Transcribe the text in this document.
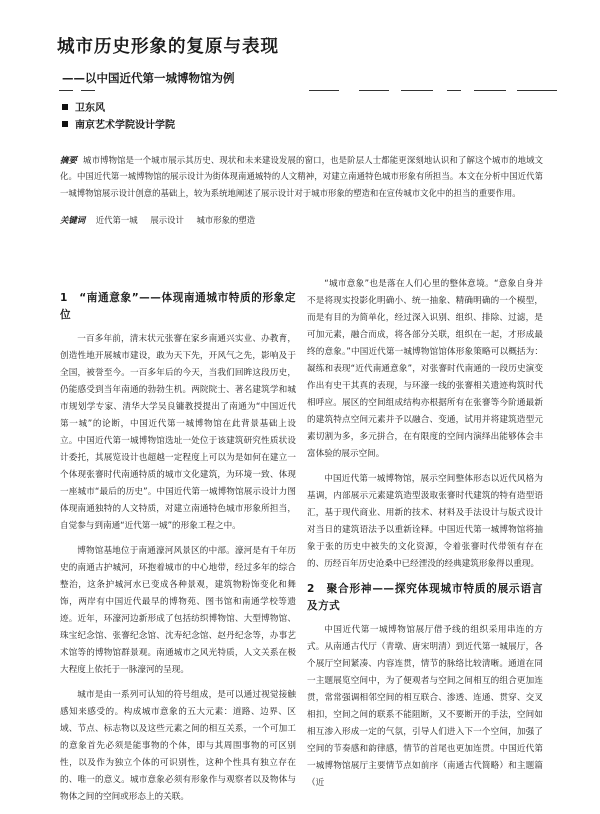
城市历史形象的复原与表现
——以中国近代第一城博物馆为例
卫东风
南京艺术学院设计学院
摘要 城市博物馆是一个城市展示其历史、现状和未来建设发展的窗口，也是阶层人士都能更深刻地认识和了解这个城市的地域文化。中国近代第一城博物馆的展示设计为街体现南通城特的人文精神，对建立南通特色城市形象有所担当。本文在分析中国近代第一城博物馆展示设计创意的基础上，较为系统地阐述了展示设计对于城市形象的塑造和在宣传城市文化中的担当的重要作用。
关键词 近代第一城 展示设计 城市形象的塑造
1　“南通意象”——体现南通城市特质的形象定位

一百多年前，清末状元张謇在家乡南通兴实业、办教育，创造性地开展城市建设，敢为天下先，开风气之先，影响及于全国，被誉至今。一百多年后的今天，当我们回眸这段历史，仍能感受到当年南通的勃勃生机。两院院士、著名建筑学和城市规划学专家、清华大学吴良镛教授提出了南通为“中国近代第一城”的论断，中国近代第一城博物馆在此背景基础上设立。中国近代第一城博物馆选址一处位于该建筑研究性质状设计委托，其展览设计也超越一定程度上可以为是如何在建立一个体现张謇时代南通特质的城市文化建筑，为环境一致、体现一座城市“最后的历史”。中国近代第一城博物馆展示设计力图体现南通独特的人文特质，对建立南通特色城市形象所担当，自觉参与到南通“近代第一城”的形象工程之中。

博物馆基地位于南通濠河风景区的中部。濠河是有千年历史的南通古护城河，环抱着城市的中心地带，经过多年的综合整治，这条护城河水已变成各种景观，建筑物粉饰变化和舞饰，两岸有中国近代最早的博物苑、图书馆和南通学校等遗迹。近年，环濠河边新形成了包括纺织博物馆、大型博物馆、珠宝纪念馆、张謇纪念馆、沈寿纪念馆、赵丹纪念等，办事艺术馆等的博物馆群景观。南通城市之风光特质，人文关系在极大程度上依托于一脉濠河的呈现。

城市是由一系列可认知的符号组成，是可以通过视觉接触感知来感受的。构成城市意象的五大元素：道路、边界、区域、节点、标志物以及这些元素之间的相互关系，一个可加工的意象首先必须是能事物的个体，即与其周围事物的可区别性，以及作为独立个体的可识别性，这种个性具有独立存在的、唯一的意义。城市意象必须有形象作与观察者以及物体与物体之间的空间或形态上的关联。

“城市意象”也是落在人们心里的整体意境。“意象自身并不是将现实投影化明确小、统一抽象、精确明确的一个模型，而是有目的为简单化，经过深入识别、组织、排除、过滤，是可加元素，融合而成，将各部分关联，组织在一起，才形成最终的意象。”中国近代第一城博物馆馆体形象策略可以概括为：凝练和表现“近代南通意象”，对张謇时代南通的一段历史演变作出有史干其真的表现，与环濠一线的张謇相关遗迹构筑时代相呼应。展区的空间组成结构亦根据所有在张謇等今阶通最新的建筑特点空间元素并予以融合、变通，试用并将建筑造型元素切割为多，多元拼合，在有限度的空间内演绎出能够体会丰富体验的展示空间。

中国近代第一城博物馆，展示空间整体形态以近代风格为基调，内部展示元素建筑造型汲取张謇时代建筑的特有造型语汇，基于现代商业、用新的技术、材料及手法设计与版式设计对当日的建筑语法予以重新诠释。中国近代第一城博物馆将抽象于张的历史中被失的文化资源，令着张謇时代带领有存在的、历经百年历史沧桑中已经湮没的经典建筑形象得以重现。

2　聚合形神——探究体现城市特质的展示语言及方式

中国近代第一城博物馆展厅借予线的组织采用串连的方式。从南通古代厅（青墩、唐宋明清）到近代第一城展厅，各个展厅空间紧凑、内容连贯，情节的脉络比较清晰。通道在同一主题展览空间中，为了便观者与空间之间相互的组合更加连贯，常常强调相邻空间的相互联合、渗透、连通、贯穿、交叉相扣，空间之间的联系不能阻断，又不要断开的手法，空间如相互渗入形成一定的气氛，引导人们进入下一个空间，加强了空间的节奏感和韵律感，情节的首尾也更加连贯。中国近代第一城博物馆展厅主要情节点如前序（南通古代简略）和主题篇（近
